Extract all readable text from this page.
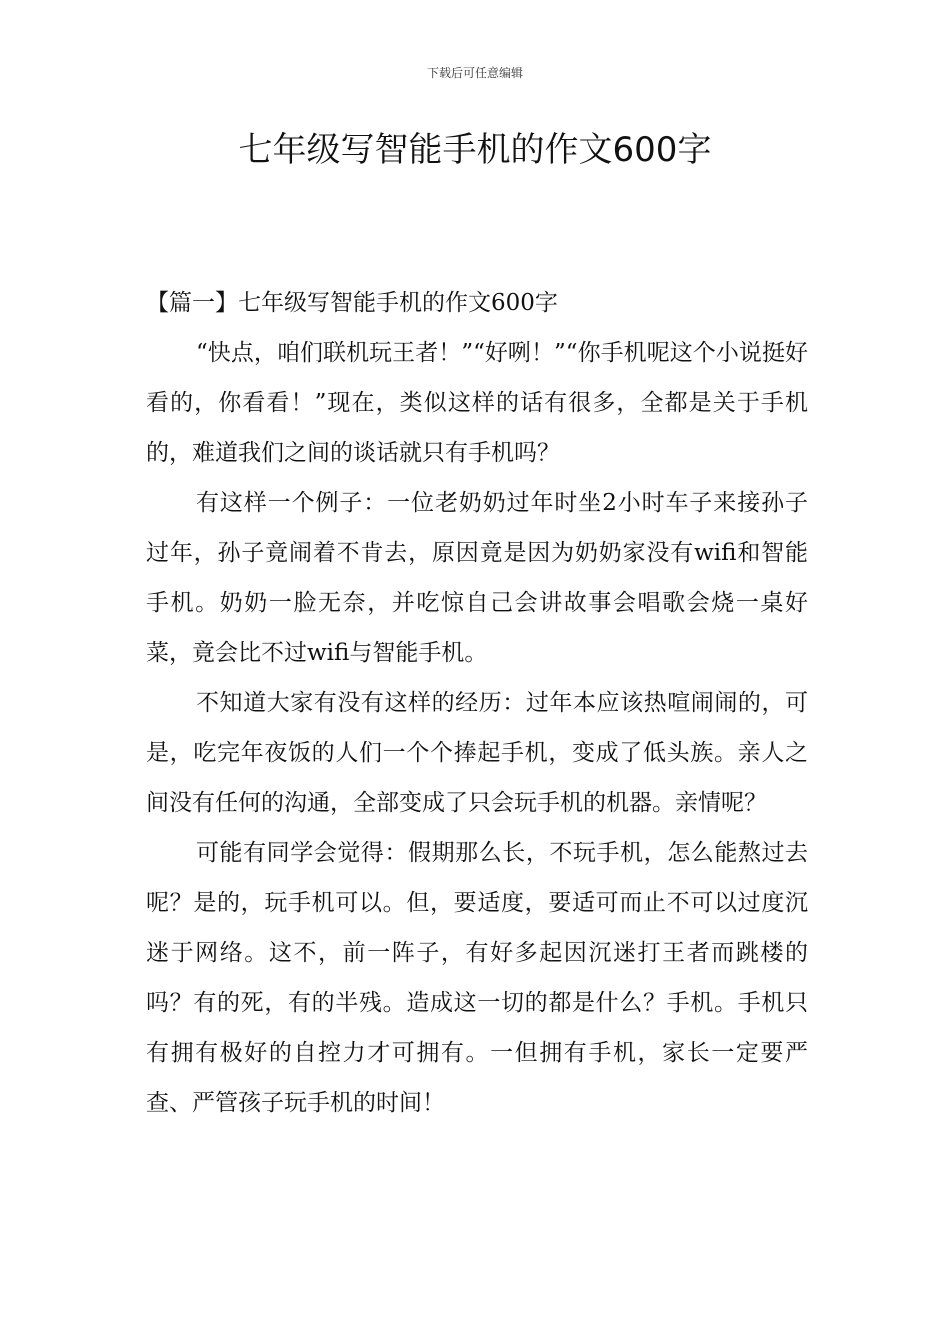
下载后可任意编辑
七年级写智能手机的作文600字

【篇一】七年级写智能手机的作文600字

“快点，咱们联机玩王者！”“好咧！”“你手机呢这个小说挺好看的，你看看！”现在，类似这样的话有很多，全都是关于手机的，难道我们之间的谈话就只有手机吗？

有这样一个例子：一位老奶奶过年时坐2小时车子来接孙子过年，孙子竟闹着不肯去，原因竟是因为奶奶家没有wifi和智能手机。奶奶一脸无奈，并吃惊自己会讲故事会唱歌会烧一桌好菜，竟会比不过wifi与智能手机。

不知道大家有没有这样的经历：过年本应该热喧闹闹的，可是，吃完年夜饭的人们一个个捧起手机，变成了低头族。亲人之间没有任何的沟通，全部变成了只会玩手机的机器。亲情呢？

可能有同学会觉得：假期那么长，不玩手机，怎么能熬过去呢？是的，玩手机可以。但，要适度，要适可而止不可以过度沉迷于网络。这不，前一阵子，有好多起因沉迷打王者而跳楼的吗？有的死，有的半残。造成这一切的都是什么？手机。手机只有拥有极好的自控力才可拥有。一但拥有手机，家长一定要严查、严管孩子玩手机的时间！
